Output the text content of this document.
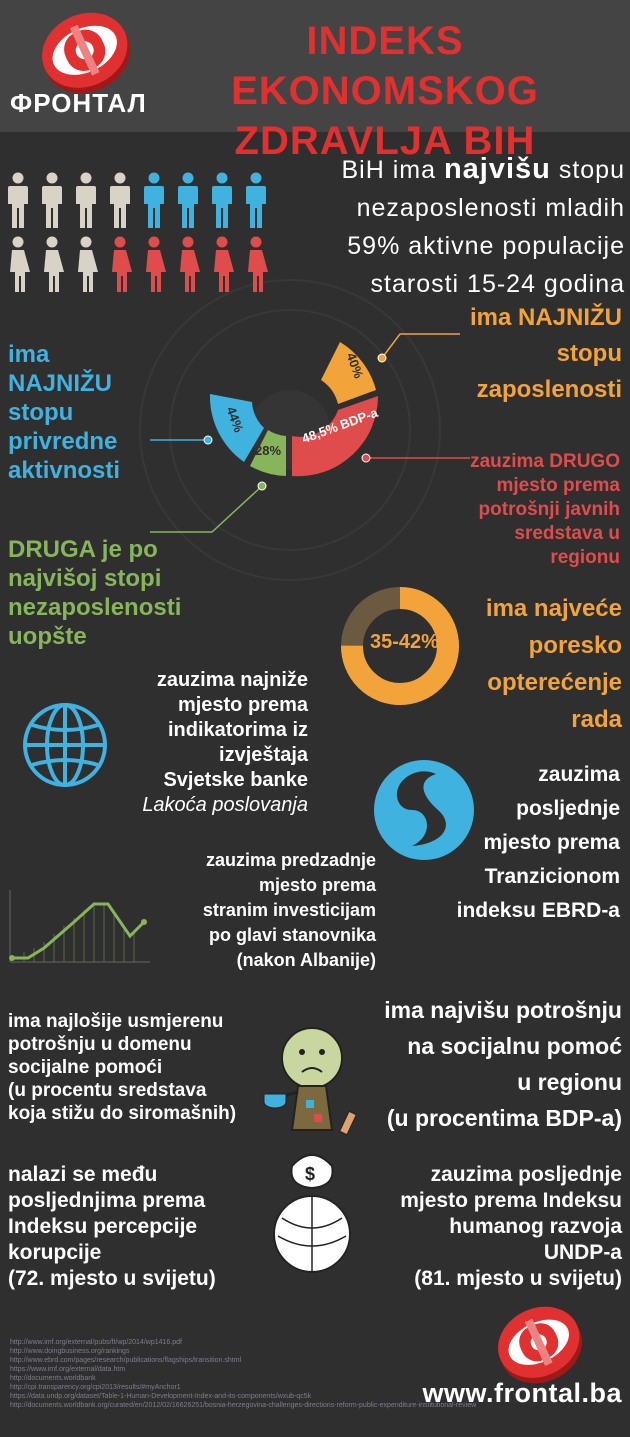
ФРОНТАЛ
INDEKS EKONOMSKOG
ZDRAVLJA BIH
BiH ima najvišu stopu
nezaposlenosti mladih
59% aktivne populacije
starosti 15-24 godina
40%
48,5% BDP-a
28%
44%
ima NAJNIŽU
stopu
zaposlenosti
ima
NAJNIŽU
stopu
privredne
aktivnosti	zauzima DRUGO
mjesto prema
potrošnji javnih
sredstava u
regionu
DRUGA je po
najvišoj stopi
nezaposlenosti
uopšte	35-42%
ima najveće
poresko
opterećenje
rada
zauzima najniže
mjesto prema
indikatorima iz
izvještaja
Svjetske banke
Lakoća poslovanja
zauzima
posljednje
mjesto prema
Tranzicionom
indeksu EBRD-a
zauzima predzadnje
mjesto prema
stranim investicijam
po glavi stanovnika
(nakon Albanije)
ima najlošije usmjerenu
potrošnju u domenu
socijalne pomoći
(u procentu sredstava
koja stižu do siromašnih)
ima najvišu potrošnju
na socijalnu pomoć
u regionu
(u procentima BDP-a)
$
nalazi se među
posljednjima prema
Indeksu percepcije
korupcije
(72. mjesto u svijetu)
zauzima posljednje
mjesto prema Indeksu
humanog razvoja
UNDP-a
(81. mjesto u svijetu)
http://www.imf.org/external/pubs/ft/wp/2014/wp1416.pdf
http://www.doingbusiness.org/rankings
http://www.ebrd.com/pages/research/publications/flagships/transition.shtml
https://www.imf.org/external/data.htm
http://documents.worldbank
http://cpi.transparency.org/cpi2013/results/#myAnchor1
https://data.undp.org/dataset/Table-1-Human-Development-Index-and-its-components/wxub-qc5k
http://documents.worldbank.org/curated/en/2012/02/16626251/bosnia-herzegovina-challenges-directions-reform-public-expenditure-institutional-review
www.frontal.ba
